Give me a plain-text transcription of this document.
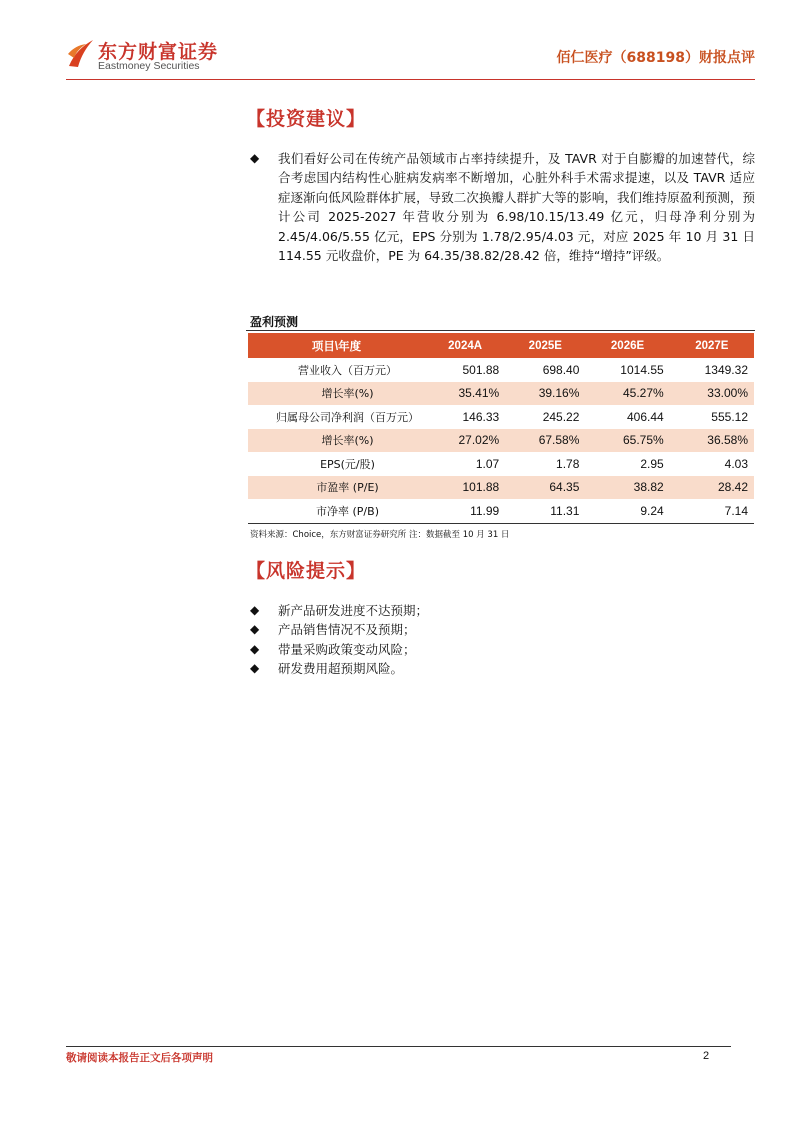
东方财富证券
Eastmoney Securities	佰仁医疗（688198）财报点评
【投资建议】
◆ 我们看好公司在传统产品领域市占率持续提升，及 TAVR 对于自膨瓣的加速替代，综合考虑国内结构性心脏病发病率不断增加，心脏外科手术需求提速，以及 TAVR 适应症逐渐向低风险群体扩展，导致二次换瓣人群扩大等的影响，我们维持原盈利预测，预计公司 2025-2027 年营收分别为 6.98/10.15/13.49 亿元，归母净利分别为 2.45/4.06/5.55 亿元，EPS 分别为 1.78/2.95/4.03 元，对应 2025 年 10 月 31 日 114.55 元收盘价，PE 为 64.35/38.82/28.42 倍，维持“增持”评级。
盈利预测
项目\年度	2024A	2025E	2026E	2027E
营业收入（百万元）	501.88	698.40	1014.55	1349.32
增长率(%)	35.41%	39.16%	45.27%	33.00%
归属母公司净利润（百万元）	146.33	245.22	406.44	555.12
增长率(%)	27.02%	67.58%	65.75%	36.58%
EPS(元/股)	1.07	1.78	2.95	4.03
市盈率 (P/E)	101.88	64.35	38.82	28.42
市净率 (P/B)	11.99	11.31	9.24	7.14
资料来源：Choice，东方财富证券研究所 注：数据截至 10 月 31 日
【风险提示】
◆ 新产品研发进度不达预期；
◆ 产品销售情况不及预期；
◆ 带量采购政策变动风险；
◆ 研发费用超预期风险。
敬请阅读本报告正文后各项声明	2
